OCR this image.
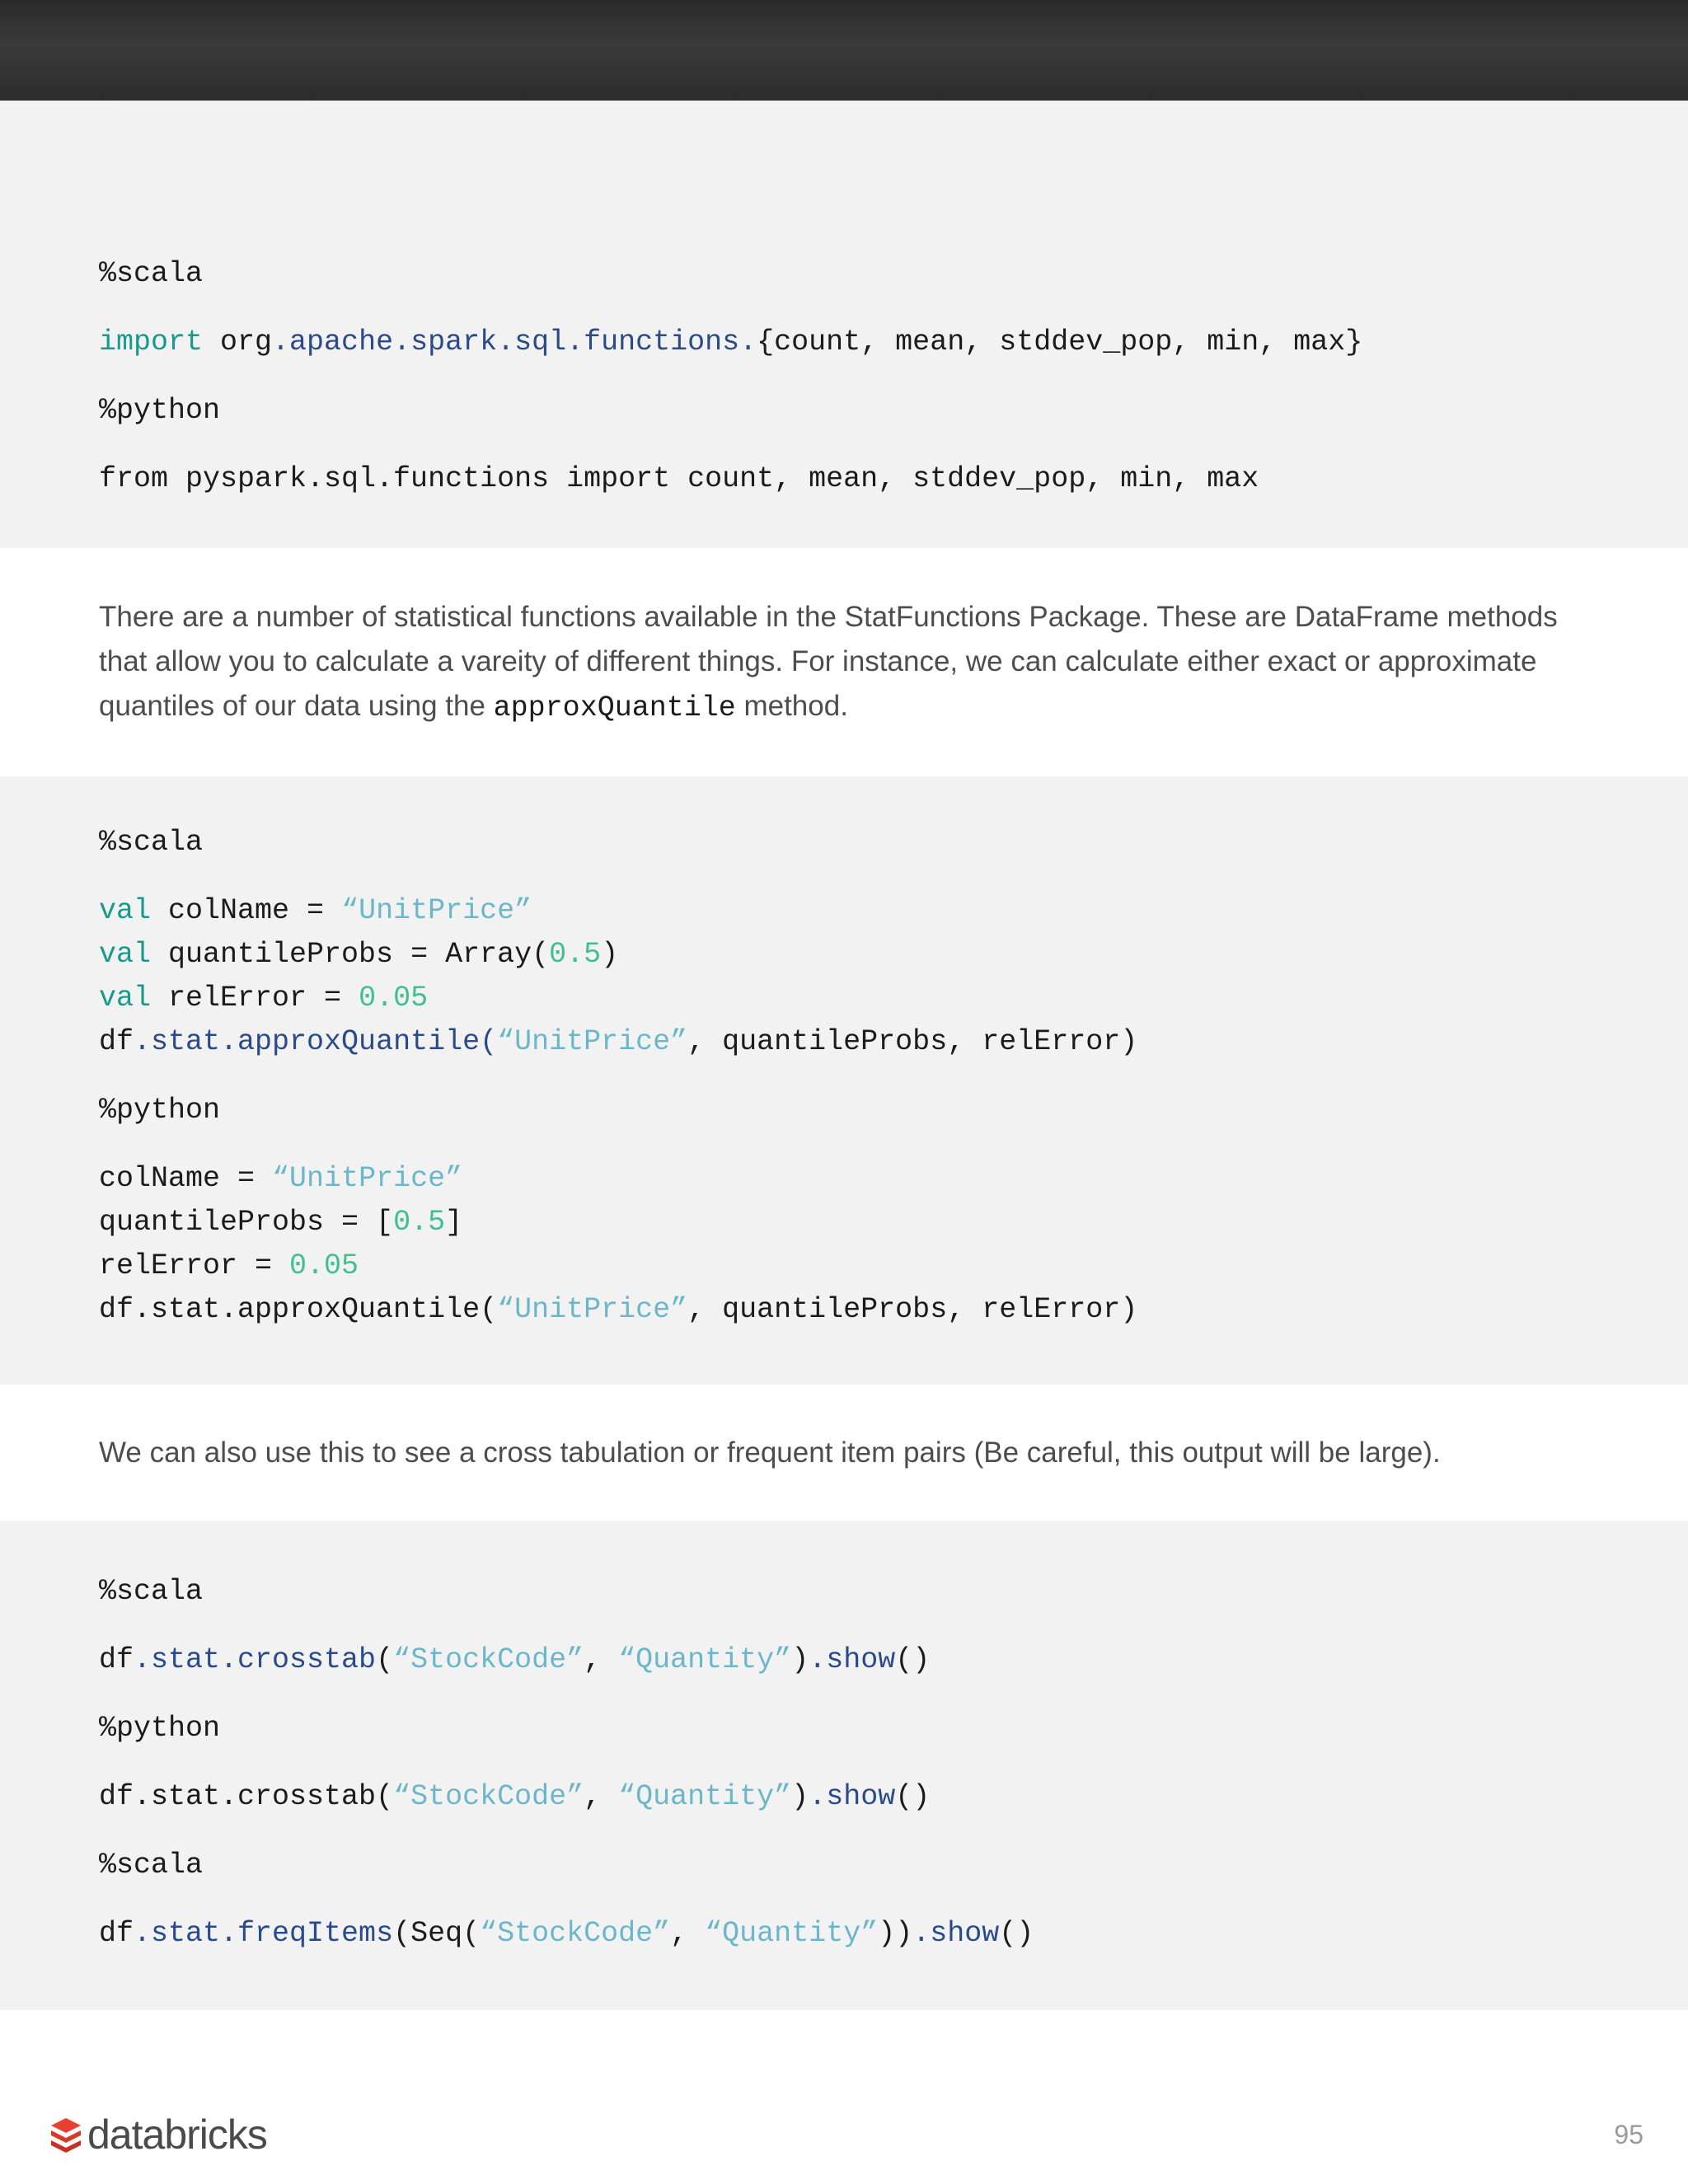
%scala
import org.apache.spark.sql.functions.{count, mean, stddev_pop, min, max}
%python
from pyspark.sql.functions import count, mean, stddev_pop, min, max
There are a number of statistical functions available in the StatFunctions Package. These are DataFrame methods
that allow you to calculate a vareity of different things. For instance, we can calculate either exact or approximate
quantiles of our data using the approxQuantile method.
%scala
val colName = “UnitPrice”
val quantileProbs = Array(0.5)
val relError = 0.05
df.stat.approxQuantile(“UnitPrice”, quantileProbs, relError)
%python
colName = “UnitPrice”
quantileProbs = [0.5]
relError = 0.05
df.stat.approxQuantile(“UnitPrice”, quantileProbs, relError)
We can also use this to see a cross tabulation or frequent item pairs (Be careful, this output will be large).
%scala
df.stat.crosstab(“StockCode”, “Quantity”).show()
%python
df.stat.crosstab(“StockCode”, “Quantity”).show()
%scala
df.stat.freqItems(Seq(“StockCode”, “Quantity”)).show()
databricks	95
